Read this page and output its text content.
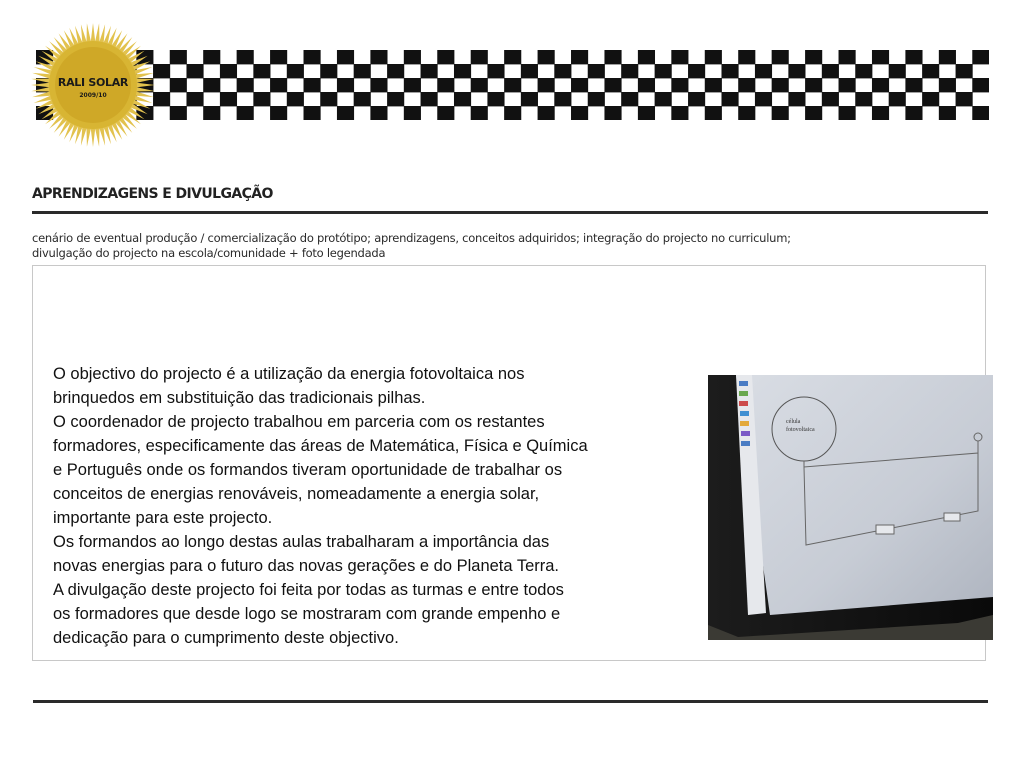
RALI SOLAR
2009/10
APRENDIZAGENS E DIVULGAÇÃO
cenário de eventual produção / comercialização do protótipo; aprendizagens, conceitos adquiridos; integração do projecto no curriculum;
divulgação do projecto na escola/comunidade + foto legendada

O objectivo do projecto é a utilização da energia fotovoltaica nos

brinquedos em substituição das tradicionais pilhas.

O coordenador de projecto trabalhou em parceria com os restantes

formadores, especificamente das áreas de Matemática, Física e Química

e Português onde os formandos tiveram oportunidade de trabalhar os

conceitos de energias renováveis, nomeadamente a energia solar,

importante para este projecto.

Os formandos ao longo destas aulas trabalharam a importância das

novas energias para o futuro das novas gerações e do Planeta Terra.

A divulgação deste projecto foi feita por todas as turmas e entre todos

os formadores que desde logo se mostraram com grande empenho e

dedicação para o cumprimento deste objectivo.

célula
fotovoltaica
